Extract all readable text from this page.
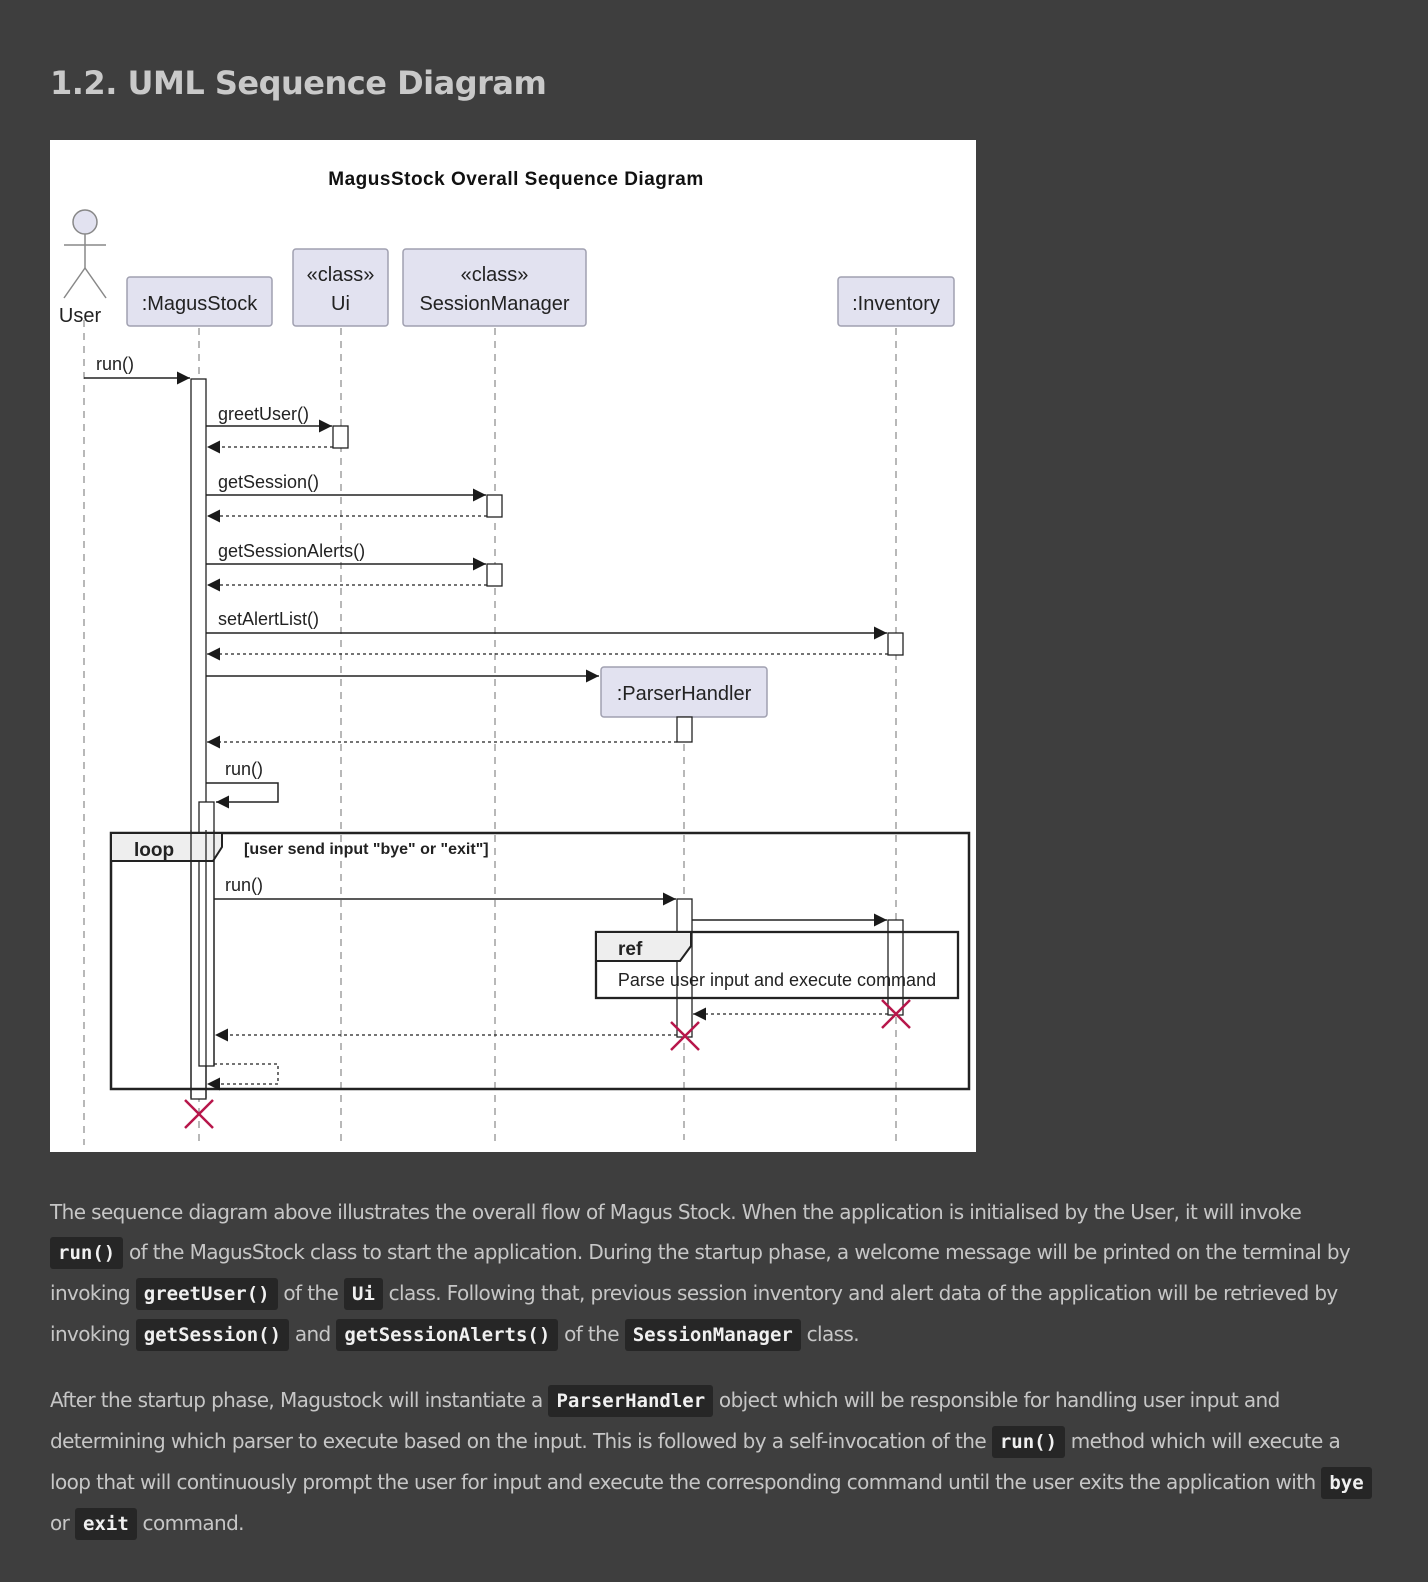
1.2. UML Sequence Diagram
MagusStock Overall Sequence Diagram
User
:MagusStock
«class»
Ui
«class»
SessionManager	:Inventory
run()
greetUser()
getSession()
getSessionAlerts()
setAlertList()
:ParserHandler
run()
loop	[user send input "bye" or "exit"]
run()
ref
Parse user input and execute command

The sequence diagram above illustrates the overall flow of Magus Stock. When the application is initialised by the User, it will invoke run() of the MagusStock class to start the application. During the startup phase, a welcome message will be printed on the terminal by invoking greetUser() of the Ui class. Following that, previous session inventory and alert data of the application will be retrieved by invoking getSession() and getSessionAlerts() of the SessionManager class.

After the startup phase, Magustock will instantiate a ParserHandler object which will be responsible for handling user input and determining which parser to execute based on the input. This is followed by a self-invocation of the run() method which will execute a loop that will continuously prompt the user for input and execute the corresponding command until the user exits the application with bye or exit command.
